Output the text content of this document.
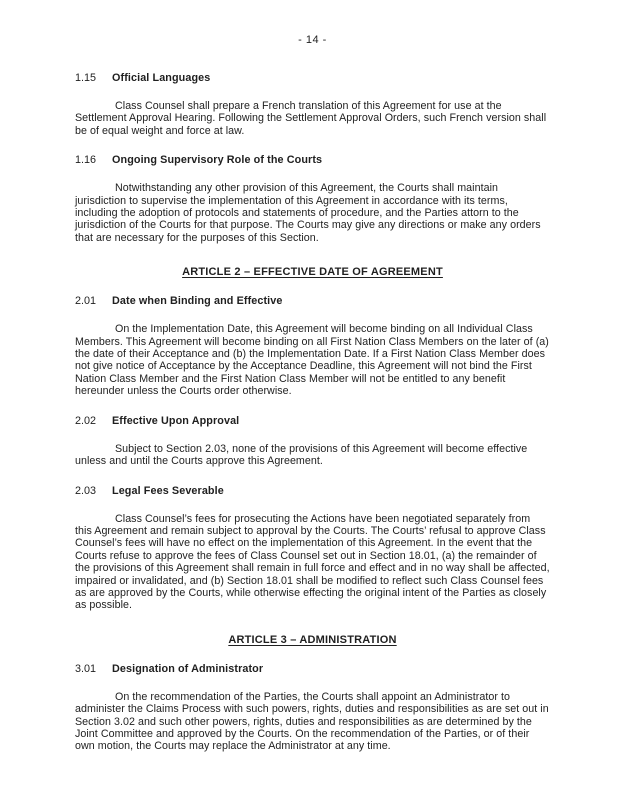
- 14 -
1.15	Official Languages

Class Counsel shall prepare a French translation of this Agreement for use at the Settlement Approval Hearing. Following the Settlement Approval Orders, such French version shall be of equal weight and force at law.

1.16	Ongoing Supervisory Role of the Courts

Notwithstanding any other provision of this Agreement, the Courts shall maintain jurisdiction to supervise the implementation of this Agreement in accordance with its terms, including the adoption of protocols and statements of procedure, and the Parties attorn to the jurisdiction of the Courts for that purpose. The Courts may give any directions or make any orders that are necessary for the purposes of this Section.

ARTICLE 2 – EFFECTIVE DATE OF AGREEMENT
2.01	Date when Binding and Effective

On the Implementation Date, this Agreement will become binding on all Individual Class Members. This Agreement will become binding on all First Nation Class Members on the later of (a) the date of their Acceptance and (b) the Implementation Date. If a First Nation Class Member does not give notice of Acceptance by the Acceptance Deadline, this Agreement will not bind the First Nation Class Member and the First Nation Class Member will not be entitled to any benefit hereunder unless the Courts order otherwise.

2.02	Effective Upon Approval

Subject to Section 2.03, none of the provisions of this Agreement will become effective unless and until the Courts approve this Agreement.

2.03	Legal Fees Severable

Class Counsel’s fees for prosecuting the Actions have been negotiated separately from this Agreement and remain subject to approval by the Courts. The Courts’ refusal to approve Class Counsel’s fees will have no effect on the implementation of this Agreement. In the event that the Courts refuse to approve the fees of Class Counsel set out in Section 18.01, (a) the remainder of the provisions of this Agreement shall remain in full force and effect and in no way shall be affected, impaired or invalidated, and (b) Section 18.01 shall be modified to reflect such Class Counsel fees as are approved by the Courts, while otherwise effecting the original intent of the Parties as closely as possible.

ARTICLE 3 – ADMINISTRATION
3.01	Designation of Administrator

On the recommendation of the Parties, the Courts shall appoint an Administrator to administer the Claims Process with such powers, rights, duties and responsibilities as are set out in Section 3.02 and such other powers, rights, duties and responsibilities as are determined by the Joint Committee and approved by the Courts. On the recommendation of the Parties, or of their own motion, the Courts may replace the Administrator at any time.
